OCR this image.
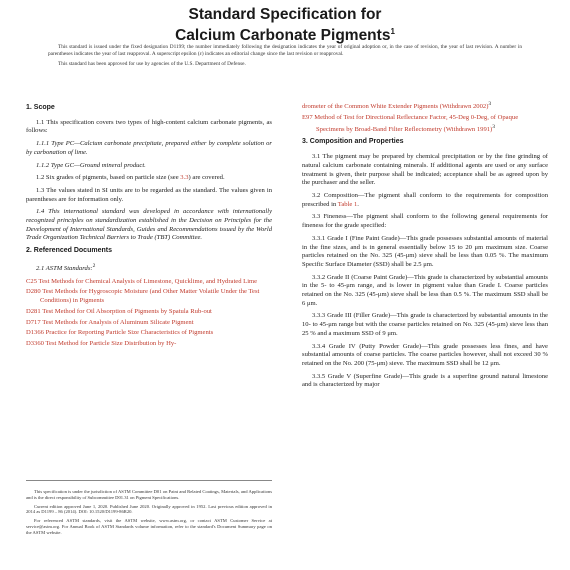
Standard Specification for
Calcium Carbonate Pigments$^1$

This standard is issued under the fixed designation D1199; the number immediately following the designation indicates the year of original adoption or, in the case of revision, the year of last revision. A number in parentheses indicates the year of last reapproval. A superscript epsilon (ε) indicates an editorial change since the last revision or reapproval.

This standard has been approved for use by agencies of the U.S. Department of Defense.

1. Scope

1.1 This specification covers two types of high-content calcium carbonate pigments, as follows:

1.1.1 Type PC—Calcium carbonate precipitate, prepared either by complete solution or by carbonation of lime.

1.1.2 Type GC—Ground mineral product.

1.2 Six grades of pigments, based on particle size (see 3.3) are covered.

1.3 The values stated in SI units are to be regarded as the standard. The values given in parentheses are for information only.

1.4 This international standard was developed in accordance with internationally recognized principles on standardization established in the Decision on Principles for the Development of International Standards, Guides and Recommendations issued by the World Trade Organization Technical Barriers to Trade (TBT) Committee.

2. Referenced Documents

2.1 ASTM Standards:$^2$

C25 Test Methods for Chemical Analysis of Limestone, Quicklime, and Hydrated Lime

D280 Test Methods for Hygroscopic Moisture (and Other Matter Volatile Under the Test Conditions) in Pigments

D281 Test Method for Oil Absorption of Pigments by Spatula Rub-out

D717 Test Methods for Analysis of Aluminum Silicate Pigment

D1366 Practice for Reporting Particle Size Characteristics of Pigments

D3360 Test Method for Particle Size Distribution by Hy-

drometer of the Common White Extender Pigments (Withdrawn 2002)$^3$

E97 Method of Test for Directional Reflectance Factor, 45-Deg 0-Deg, of Opaque Specimens by Broad-Band Filter Reflectometry (Withdrawn 1991)$^3$

3. Composition and Properties

3.1 The pigment may be prepared by chemical precipitation or by the fine grinding of natural calcium carbonate containing minerals. If additional agents are used or any surface treatment is given, their purpose shall be indicated; acceptance shall be as agreed upon by the purchaser and the seller.

3.2 Composition—The pigment shall conform to the requirements for composition prescribed in Table 1.

3.3 Fineness—The pigment shall conform to the following general requirements for fineness for the grade specified:

3.3.1 Grade I (Fine Paint Grade)—This grade possesses substantial amounts of material in the fine sizes, and is in general essentially below 15 to 20 μm maximum size. Coarse particles retained on the No. 325 (45-μm) sieve shall be less than 0.05 %. The maximum Specific Surface Diameter (SSD) shall be 2.5 μm.

3.3.2 Grade II (Coarse Paint Grade)—This grade is characterized by substantial amounts in the 5- to 45-μm range, and is lower in pigment value than Grade I. Coarse particles retained on the No. 325 (45-μm) sieve shall be less than 0.5 %. The maximum SSD shall be 6 μm.

3.3.3 Grade III (Filler Grade)—This grade is characterized by substantial amounts in the 10- to 45-μm range but with the coarse particles retained on No. 325 (45-μm) sieve less than 25 % and a maximum SSD of 9 μm.

3.3.4 Grade IV (Putty Powder Grade)—This grade possesses less fines, and have substantial amounts of coarse particles. The coarse particles however, shall not exceed 30 % retained on the No. 200 (75-μm) sieve. The maximum SSD shall be 12 μm.

3.3.5 Grade V (Superfine Grade)—This grade is a superfine ground natural limestone and is characterized by major

This specification is under the jurisdiction of ASTM Committee D01 on Paint and Related Coatings, Materials, and Applications and is the direct responsibility of Subcommittee D01.31 on Pigment Specifications.

Current edition approved June 1, 2020. Published June 2020. Originally approved in 1952. Last previous edition approved in 2014 as D1199 – 86 (2014). DOI: 10.1520/D1199-86R20.

For referenced ASTM standards, visit the ASTM website, www.astm.org, or contact ASTM Customer Service at service@astm.org. For Annual Book of ASTM Standards volume information, refer to the standard's Document Summary page on the ASTM website.
